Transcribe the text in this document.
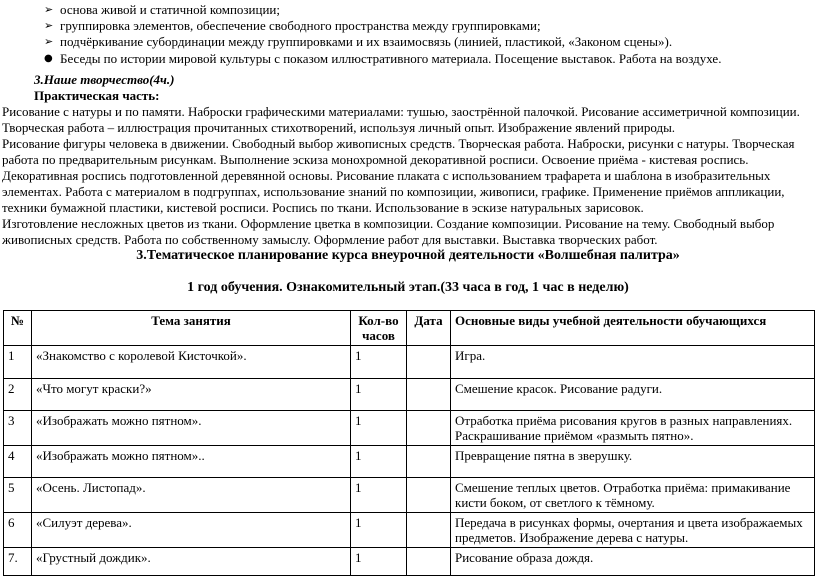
➢ основа живой и статичной композиции;
➢ группировка элементов, обеспечение свободного пространства между группировками;
➢ подчёркивание субординации между группировками и их взаимосвязь (линией, пластикой, «Законом сцены»).
● Беседы по истории мировой культуры с показом иллюстративного материала. Посещение выставок. Работа на воздухе.
3.Наше творчество(4ч.)
Практическая часть:
Рисование с натуры и по памяти. Наброски графическими материалами: тушью, заострённой палочкой. Рисование ассиметричной композиции.
Творческая работа – иллюстрация прочитанных стихотворений, используя личный опыт. Изображение явлений природы.
Рисование фигуры человека в движении. Свободный выбор живописных средств. Творческая работа. Наброски, рисунки с натуры. Творческая
работа по предварительным рисункам. Выполнение эскиза монохромной декоративной росписи. Освоение приёма - кистевая роспись.
Декоративная роспись подготовленной деревянной основы. Рисование плаката с использованием трафарета и шаблона в изобразительных
элементах. Работа с материалом в подгруппах, использование знаний по композиции, живописи, графике. Применение приёмов аппликации,
техники бумажной пластики, кистевой росписи. Роспись по ткани. Использование в эскизе натуральных зарисовок.
Изготовление несложных цветов из ткани. Оформление цветка в композиции. Создание композиции. Рисование на тему. Свободный выбор
живописных средств. Работа по собственному замыслу. Оформление работ для выставки. Выставка творческих работ.
3.Тематическое планирование курса внеурочной деятельности «Волшебная палитра»
1 год обучения. Ознакомительный этап.(33 часа в год, 1 час в неделю)
№	Тема занятия	Кол-во часов	Дата	Основные виды учебной деятельности обучающихся
1	«Знакомство с королевой Кисточкой».	1		Игра.
2	«Что могут краски?»	1		Смешение красок. Рисование радуги.
3	«Изображать можно пятном».	1		Отработка приёма рисования кругов в разных направлениях. Раскрашивание приёмом «размыть пятно».
4	«Изображать можно пятном»..	1		Превращение пятна в зверушку.
5	«Осень. Листопад».	1		Смешение теплых цветов. Отработка приёма: примакивание кисти боком, от светлого к тёмному.
6	«Силуэт дерева».	1		Передача в рисунках формы, очертания и цвета изображаемых предметов. Изображение дерева с натуры.
7.	«Грустный дождик».	1		Рисование образа дождя.
